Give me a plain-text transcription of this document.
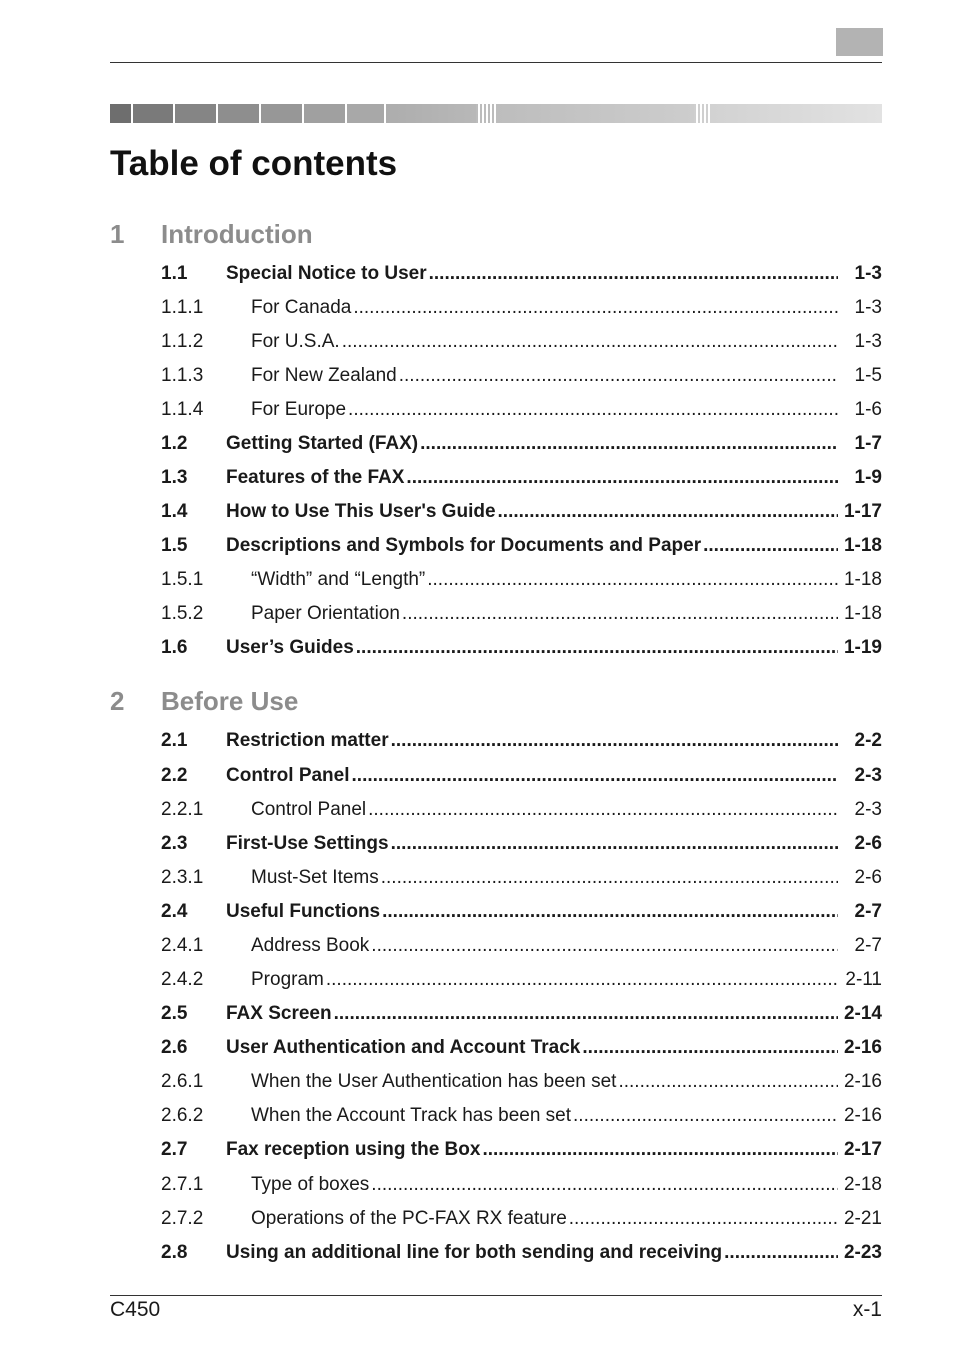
Table of contents
1 Introduction
1.1 Special Notice to User .....	1-3
1.1.1	For Canada .....	1-3
1.1.2	For U.S.A. .....	1-3
1.1.3	For New Zealand .....	1-5
1.1.4	For Europe .....	1-6
1.2 Getting Started (FAX) .....	1-7
1.3 Features of the FAX .....	1-9
1.4 How to Use This User's Guide .....	1-17
1.5 Descriptions and Symbols for Documents and Paper .....	1-18
1.5.1	“Width” and “Length” .....	1-18
1.5.2	Paper Orientation .....	1-18
1.6 User’s Guides .....	1-19
2 Before Use
2.1 Restriction matter .....	2-2
2.2 Control Panel .....	2-3
2.2.1	Control Panel .....	2-3
2.3 First-Use Settings .....	2-6
2.3.1	Must-Set Items .....	2-6
2.4 Useful Functions .....	2-7
2.4.1	Address Book .....	2-7
2.4.2	Program .....	2-11
2.5 FAX Screen .....	2-14
2.6 User Authentication and Account Track .....	2-16
2.6.1	When the User Authentication has been set .....	2-16
2.6.2	When the Account Track has been set .....	2-16
2.7 Fax reception using the Box .....	2-17
2.7.1	Type of boxes .....	2-18
2.7.2	Operations of the PC-FAX RX feature .....	2-21
2.8 Using an additional line for both sending and receiving .....	2-23
C450	x-1
